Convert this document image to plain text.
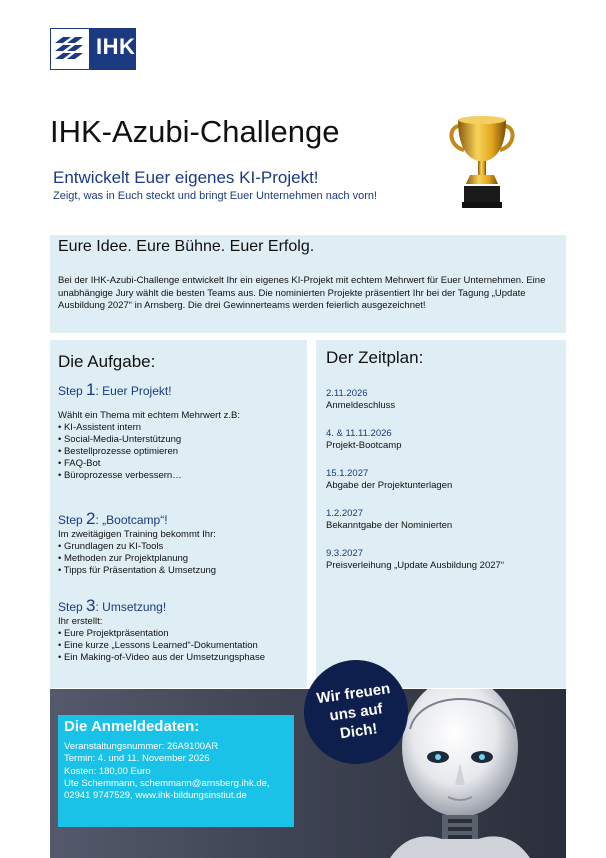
IHK
IHK-Azubi-Challenge
Entwickelt Euer eigenes KI-Projekt!
Zeigt, was in Euch steckt und bringt Euer Unternehmen nach vorn!
Eure Idee. Eure Bühne. Euer Erfolg.
Bei der IHK-Azubi-Challenge entwickelt Ihr ein eigenes KI-Projekt mit echtem Mehrwert für Euer Unternehmen. Eine unabhängige Jury wählt die besten Teams aus. Die nominierten Projekte präsentiert Ihr bei der Tagung „Update Ausbildung 2027“ in Arnsberg. Die drei Gewinnerteams werden feierlich ausgezeichnet!
Die Aufgabe:
Step 1: Euer Projekt!
Wählt ein Thema mit echtem Mehrwert z.B:
• KI-Assistent intern
• Social-Media-Unterstützung
• Bestellprozesse optimieren
• FAQ-Bot
• Büroprozesse verbessern…
Step 2: „Bootcamp“!
Im zweitägigen Training bekommt Ihr:
• Grundlagen zu KI-Tools
• Methoden zur Projektplanung
• Tipps für Präsentation & Umsetzung
Step 3: Umsetzung!
Ihr erstellt:
• Eure Projektpräsentation
• Eine kurze „Lessons Learned“-Dokumentation
• Ein Making-of-Video aus der Umsetzungsphase
Der Zeitplan:
2.11.2026
Anmeldeschluss
4. & 11.11.2026
Projekt-Bootcamp
15.1.2027
Abgabe der Projektunterlagen
1.2.2027
Bekanntgabe der Nominierten
9.3.2027
Preisverleihung „Update Ausbildung 2027“
Die Anmeldedaten:
Veranstaltungsnummer: 26A9100AR
Termin: 4. und 11. November 2026
Kosten: 180,00 Euro
Ute Schemmann, schemmann@arnsberg.ihk.de,
02941 9747529, www.ihk-bildungsinstiut.de
Wir freuen
uns auf
Dich!
